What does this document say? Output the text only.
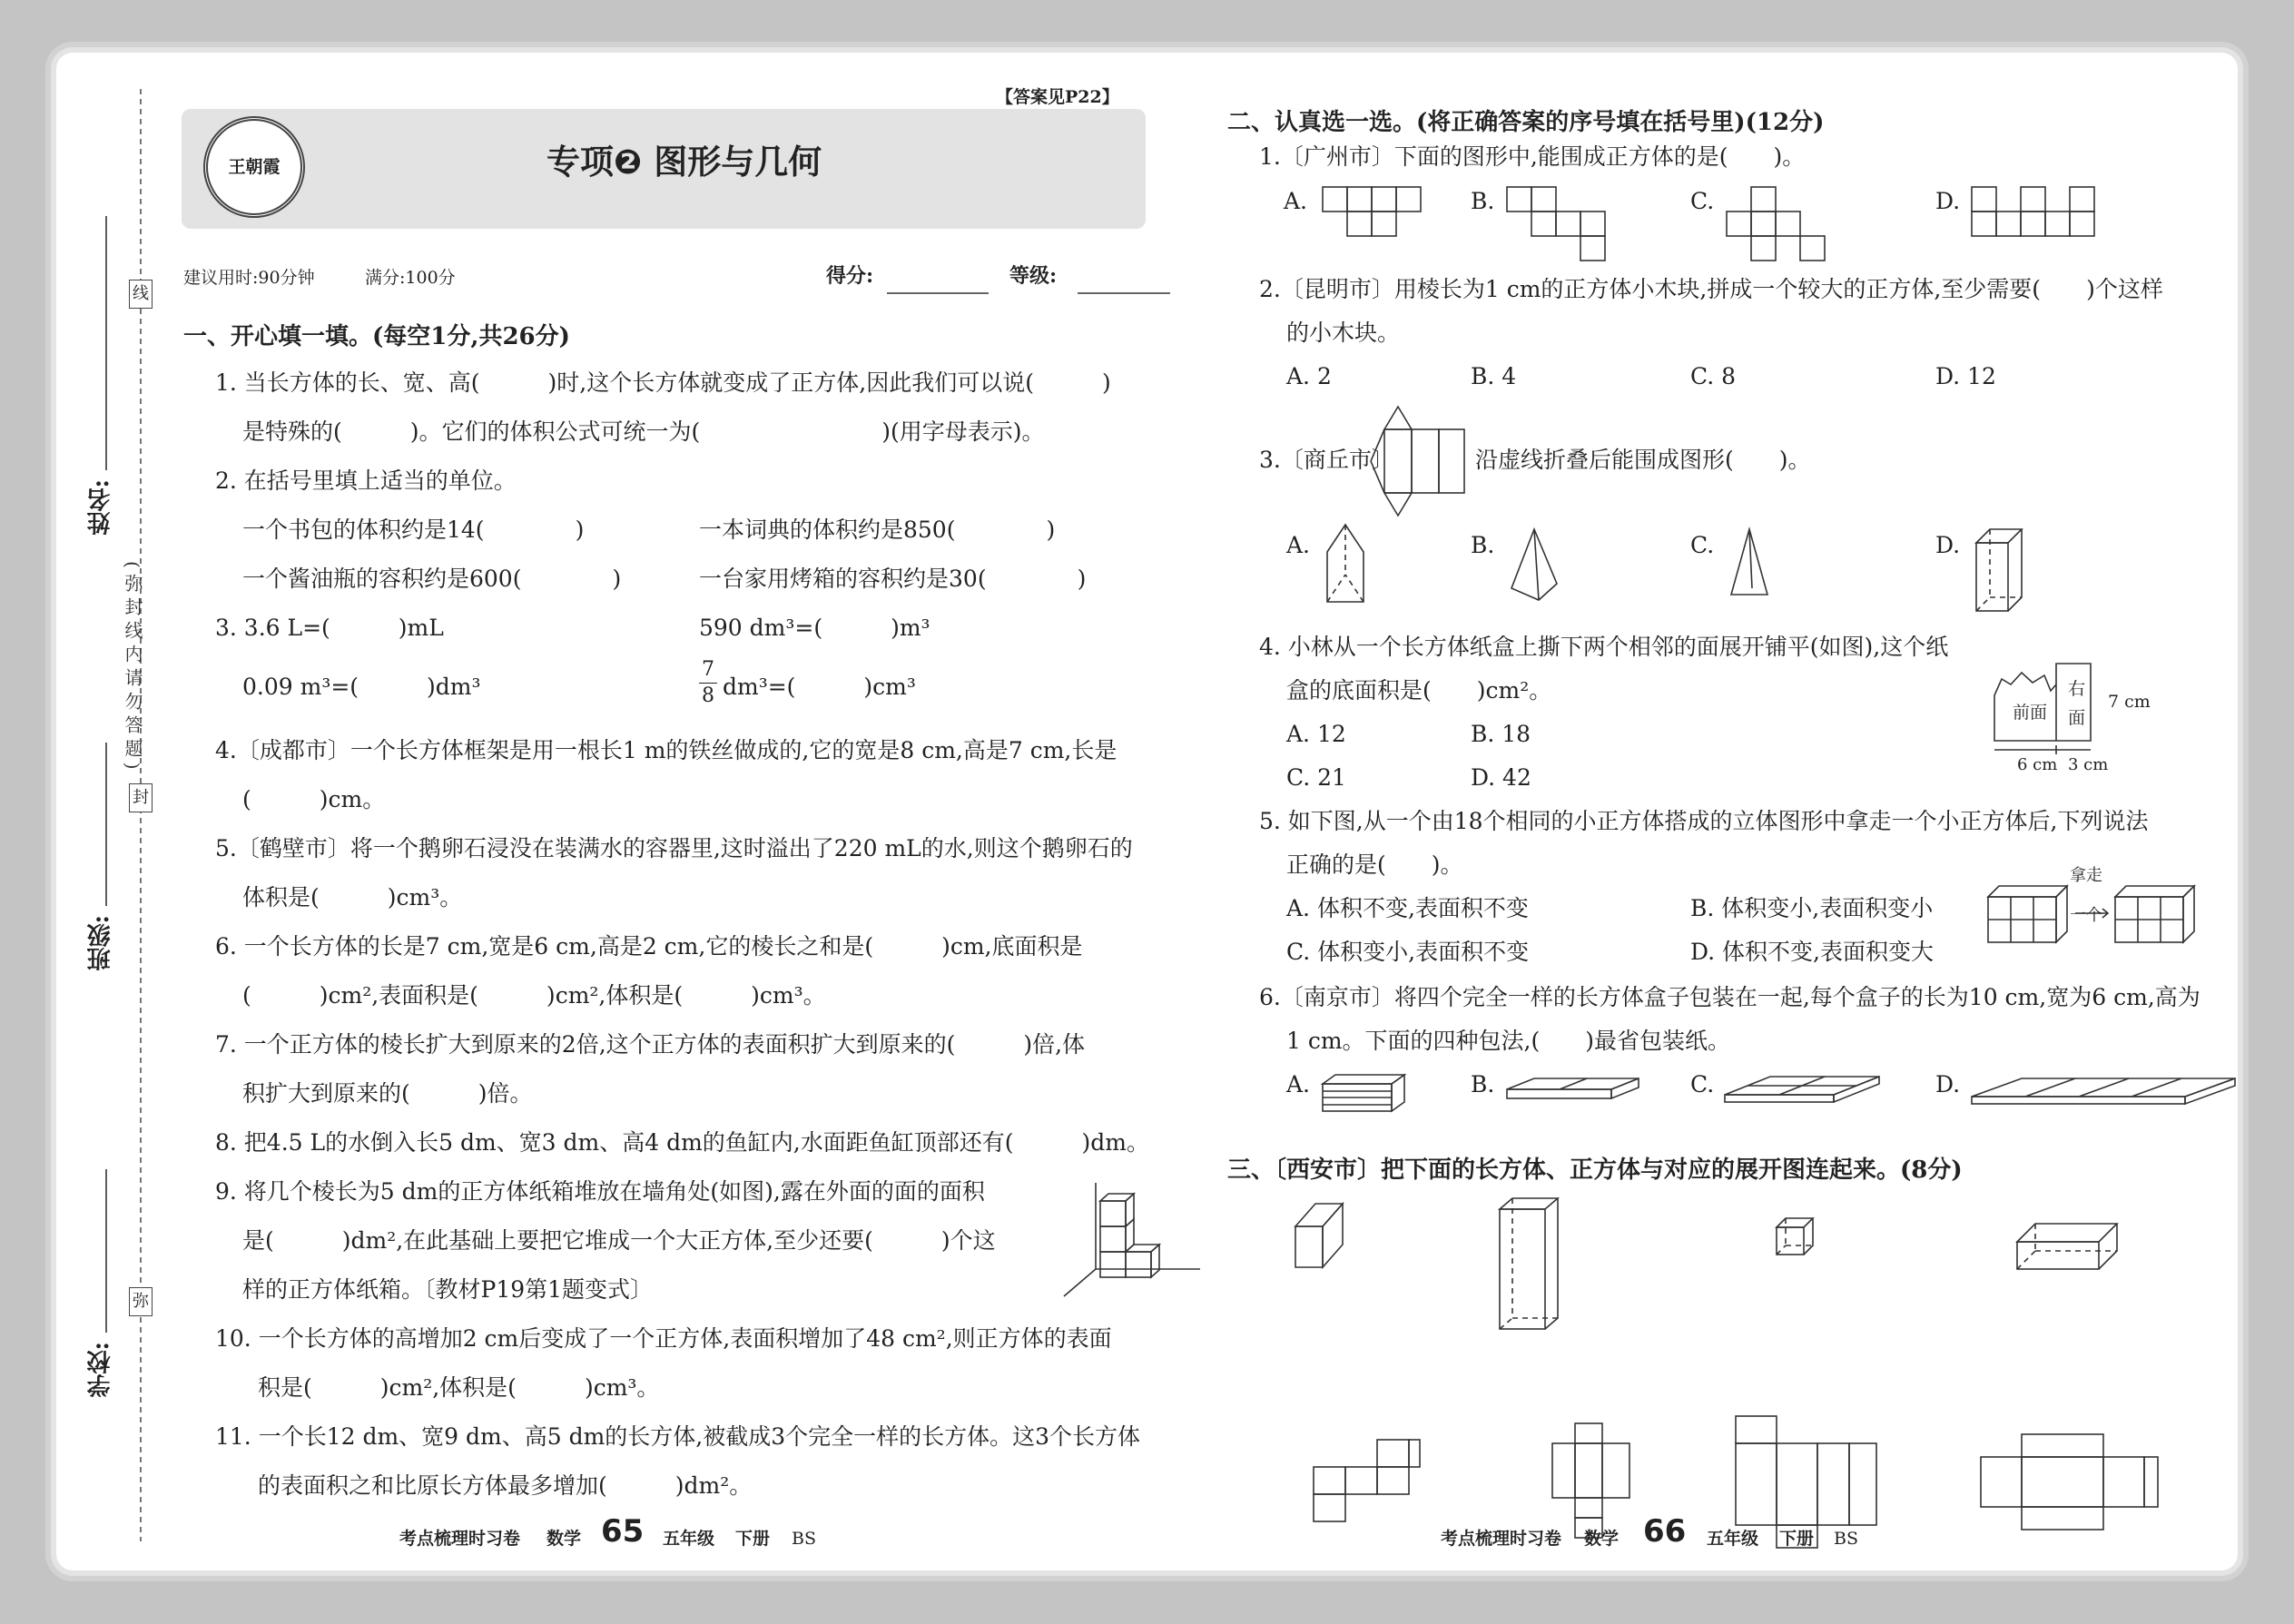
线
封
弥
(弥封线内请勿答题)
学校:
班级:
姓名:
【答案见P22】
王朝霞	专项❷ 图形与几何
建议用时:90分钟	满分:100分	得分:	等级:
一、开心填一填。(每空1分,共26分)
1. 当长方体的长、宽、高(　　　)时,这个长方体就变成了正方体,因此我们可以说(　　　)
是特殊的(　　　)。它们的体积公式可统一为(　　　　　　　　)(用字母表示)。
2. 在括号里填上适当的单位。
一个书包的体积约是14(　　　　)	一本词典的体积约是850(　　　　)
一个酱油瓶的容积约是600(　　　　)	一台家用烤箱的容积约是30(　　　　)
3. 3.6 L=(　　　)mL	590 dm³=(　　　)m³
0.09 m³=(　　　)dm³	$\frac{7}{8} dm^3=$(　　　)cm³
4.〔成都市〕一个长方体框架是用一根长1 m的铁丝做成的,它的宽是8 cm,高是7 cm,长是
(　　　)cm。
5.〔鹤壁市〕将一个鹅卵石浸没在装满水的容器里,这时溢出了220 mL的水,则这个鹅卵石的
体积是(　　　)cm³。
6. 一个长方体的长是7 cm,宽是6 cm,高是2 cm,它的棱长之和是(　　　)cm,底面积是
(　　　)cm²,表面积是(　　　)cm²,体积是(　　　)cm³。
7. 一个正方体的棱长扩大到原来的2倍,这个正方体的表面积扩大到原来的(　　　)倍,体
积扩大到原来的(　　　)倍。
8. 把4.5 L的水倒入长5 dm、宽3 dm、高4 dm的鱼缸内,水面距鱼缸顶部还有(　　　)dm。
9. 将几个棱长为5 dm的正方体纸箱堆放在墙角处(如图),露在外面的面的面积
是(　　　)dm²,在此基础上要把它堆成一个大正方体,至少还要(　　　)个这
样的正方体纸箱。〔教材P19第1题变式〕
10. 一个长方体的高增加2 cm后变成了一个正方体,表面积增加了48 cm²,则正方体的表面
积是(　　　)cm²,体积是(　　　)cm³。
11. 一个长12 dm、宽9 dm、高5 dm的长方体,被截成3个完全一样的长方体。这3个长方体
的表面积之和比原长方体最多增加(　　　)dm²。
考点梳理时习卷 数学 65 五年级 下册 BS
二、认真选一选。(将正确答案的序号填在括号里)(12分)
1.〔广州市〕下面的图形中,能围成正方体的是(　　)。
A.	B.	C.	D.
2.〔昆明市〕用棱长为1 cm的正方体小木块,拼成一个较大的正方体,至少需要(　　)个这样
的小木块。
A. 2	B. 4	C. 8	D. 12
3.〔商丘市〕	沿虚线折叠后能围成图形(　　)。
A.	B.	C.	D.
4. 小林从一个长方体纸盒上撕下两个相邻的面展开铺平(如图),这个纸
盒的底面积是(　　)cm²。
A. 12	B. 18
C. 21	D. 42
前面
右
面
7 cm
6 cm 3 cm
5. 如下图,从一个由18个相同的小正方体搭成的立体图形中拿走一个小正方体后,下列说法
正确的是(　　)。
A. 体积不变,表面积不变	B. 体积变小,表面积变小
C. 体积变小,表面积不变	D. 体积不变,表面积变大
拿走
一个
6.〔南京市〕将四个完全一样的长方体盒子包装在一起,每个盒子的长为10 cm,宽为6 cm,高为
1 cm。下面的四种包法,(　　)最省包装纸。
A.	B.	C.	D.
三、〔西安市〕把下面的长方体、正方体与对应的展开图连起来。(8分)
考点梳理时习卷 数学 66 五年级 下册 BS
